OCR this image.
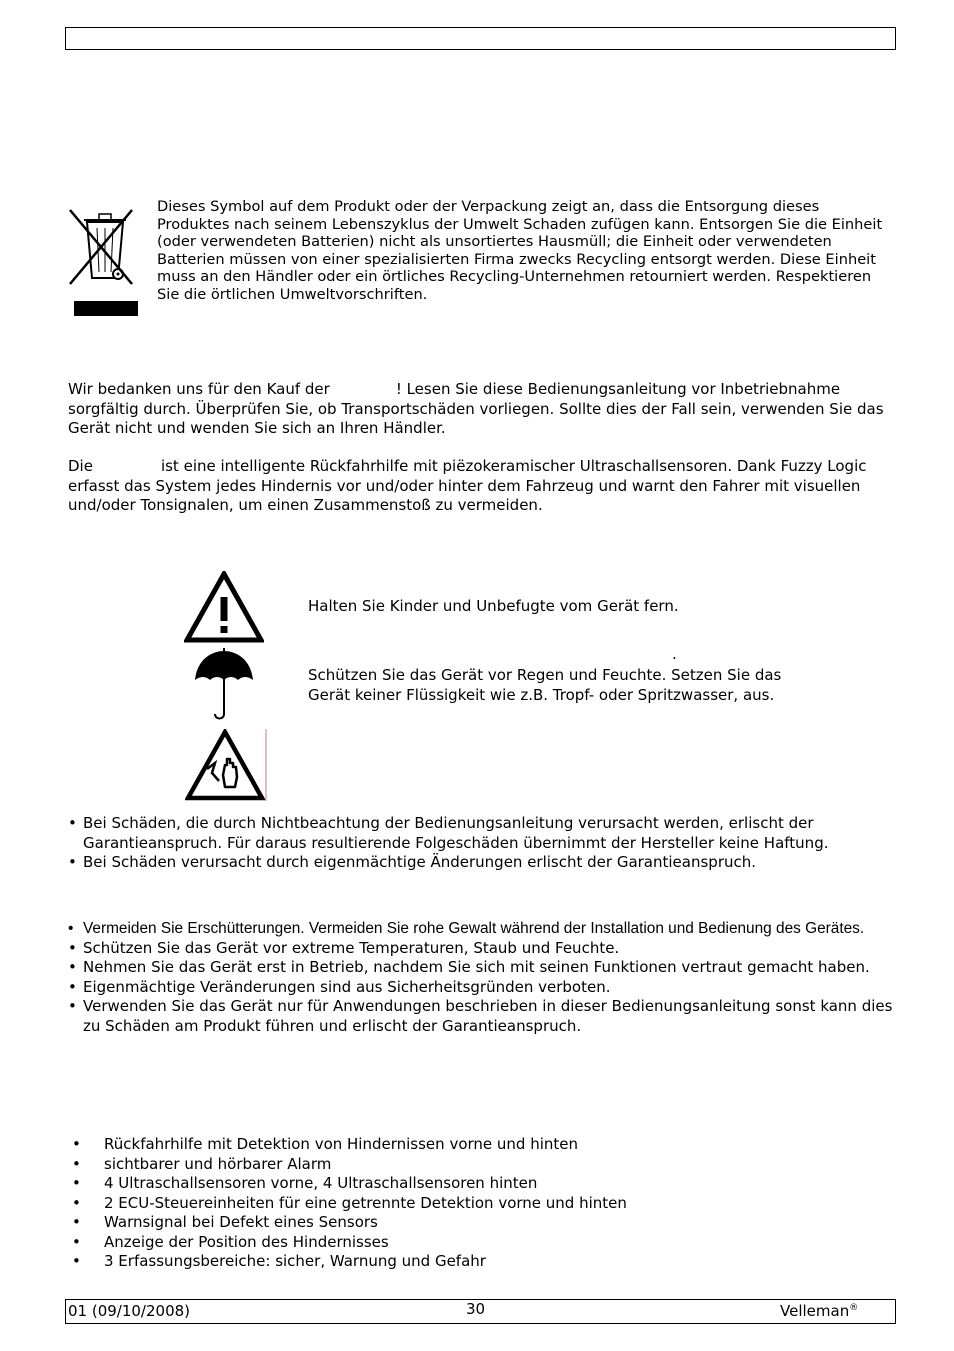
Dieses Symbol auf dem Produkt oder der Verpackung zeigt an, dass die Entsorgung dieses Produktes nach seinem Lebenszyklus der Umwelt Schaden zufügen kann. Entsorgen Sie die Einheit (oder verwendeten Batterien) nicht als unsortiertes Hausmüll; die Einheit oder verwendeten Batterien müssen von einer spezialisierten Firma zwecks Recycling entsorgt werden. Diese Einheit muss an den Händler oder ein örtliches Recycling-Unternehmen retourniert werden. Respektieren Sie die örtlichen Umweltvorschriften.

Wir bedanken uns für den Kauf der	! Lesen Sie diese Bedienungsanleitung vor Inbetriebnahme sorgfältig durch. Überprüfen Sie, ob Transportschäden vorliegen. Sollte dies der Fall sein, verwenden Sie das Gerät nicht und wenden Sie sich an Ihren Händler.

Die	ist eine intelligente Rückfahrhilfe mit piëzokeramischer Ultraschallsensoren. Dank Fuzzy Logic erfasst das System jedes Hindernis vor und/oder hinter dem Fahrzeug und warnt den Fahrer mit visuellen und/oder Tonsignalen, um einen Zusammenstoß zu vermeiden.

Halten Sie Kinder und Unbefugte vom Gerät fern.
.

Schützen Sie das Gerät vor Regen und Feuchte. Setzen Sie das Gerät keiner Flüssigkeit wie z.B. Tropf- oder Spritzwasser, aus.

• Bei Schäden, die durch Nichtbeachtung der Bedienungsanleitung verursacht werden, erlischt der Garantieanspruch. Für daraus resultierende Folgeschäden übernimmt der Hersteller keine Haftung.
• Bei Schäden verursacht durch eigenmächtige Änderungen erlischt der Garantieanspruch.
• Vermeiden Sie Erschütterungen. Vermeiden Sie rohe Gewalt während der Installation und Bedienung des Gerätes.
• Schützen Sie das Gerät vor extreme Temperaturen, Staub und Feuchte.
• Nehmen Sie das Gerät erst in Betrieb, nachdem Sie sich mit seinen Funktionen vertraut gemacht haben.
• Eigenmächtige Veränderungen sind aus Sicherheitsgründen verboten.
• Verwenden Sie das Gerät nur für Anwendungen beschrieben in dieser Bedienungsanleitung sonst kann dies zu Schäden am Produkt führen und erlischt der Garantieanspruch.
• Rückfahrhilfe mit Detektion von Hindernissen vorne und hinten
• sichtbarer und hörbarer Alarm
• 4 Ultraschallsensoren vorne, 4 Ultraschallsensoren hinten
• 2 ECU-Steuereinheiten für eine getrennte Detektion vorne und hinten
• Warnsignal bei Defekt eines Sensors
• Anzeige der Position des Hindernisses
• 3 Erfassungsbereiche: sicher, Warnung und Gefahr
01 (09/10/2008)	30	Velleman®
